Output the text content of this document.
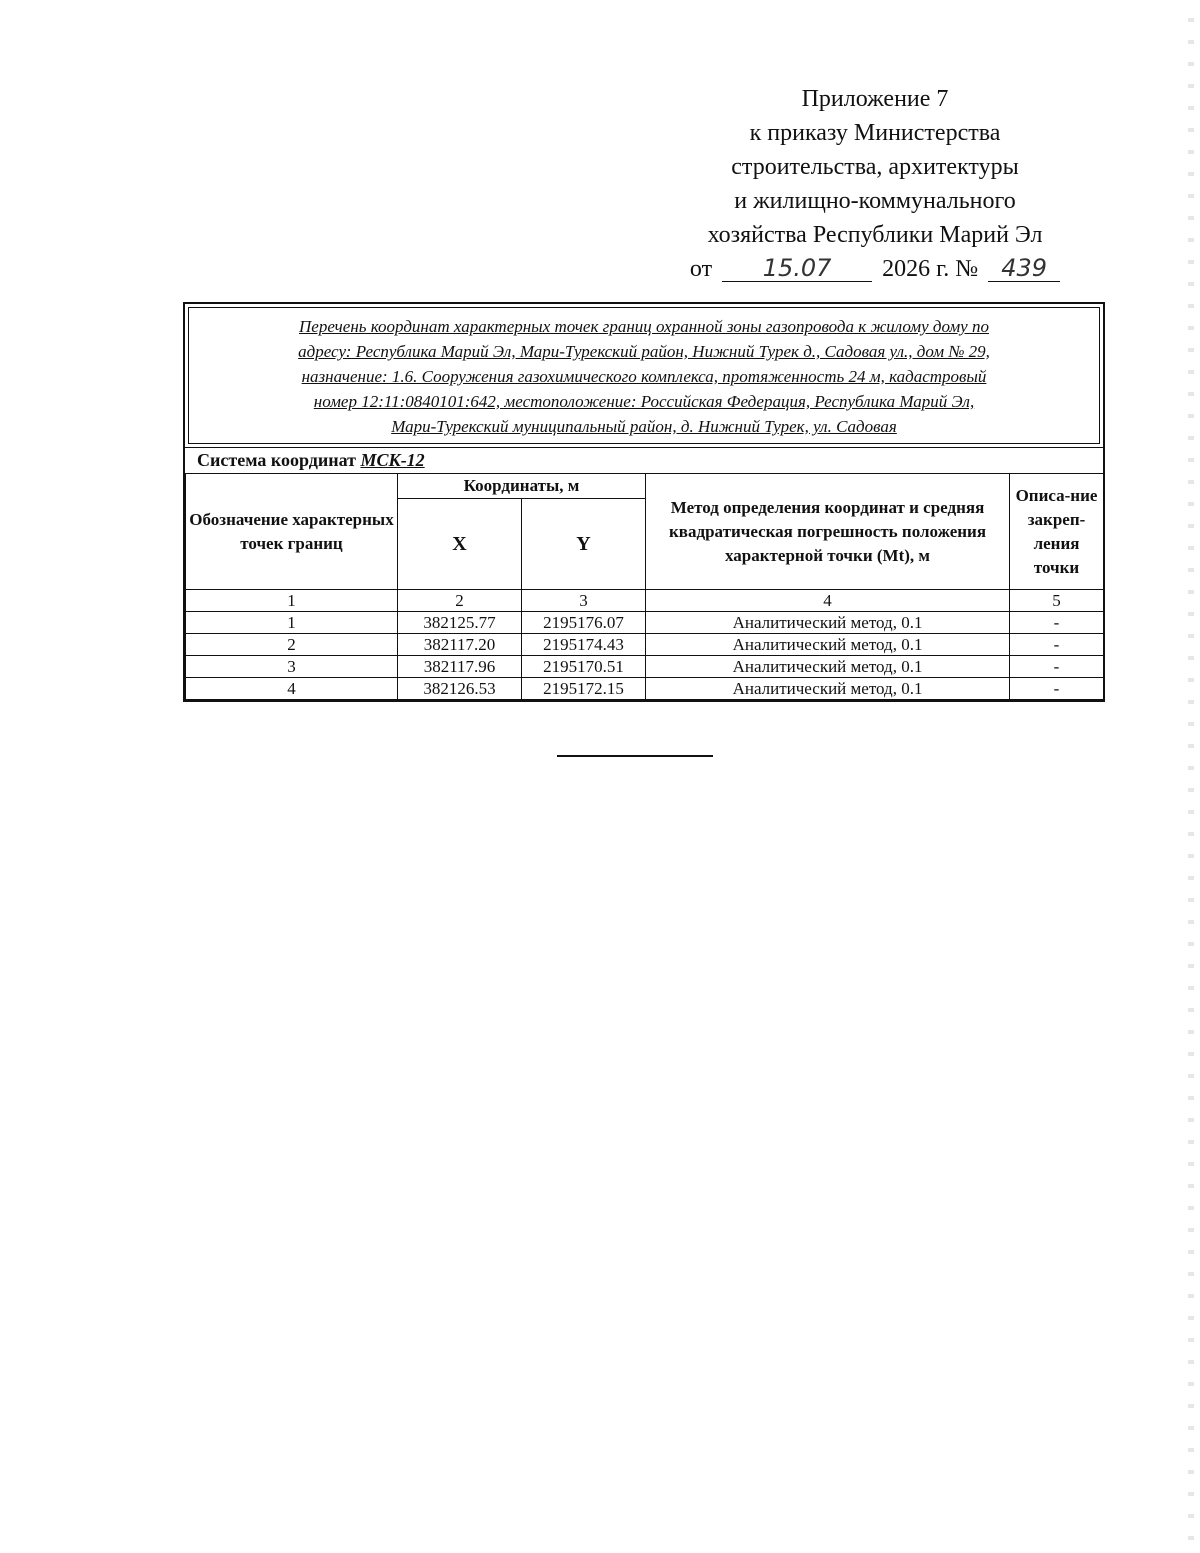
Приложение 7
к приказу Министерства
строительства, архитектуры
и жилищно-коммунального
хозяйства Республики Марий Эл
от 15.07 2026 г. № 439
Перечень координат характерных точек границ охранной зоны газопровода к жилому дому по
адресу: Республика Марий Эл, Мари-Турекский район, Нижний Турек д., Садовая ул., дом № 29,
назначение: 1.6. Сооружения газохимического комплекса, протяженность 24 м, кадастровый
номер 12:11:0840101:642, местоположение: Российская Федерация, Республика Марий Эл,
Мари-Турекский муниципальный район, д. Нижний Турек, ул. Садовая
Система координат МСК-12
Обозначение характерных точек границ	Координаты, м		Метод определения координат и средняя квадратическая погрешность положения характерной точки (Mt), м	Описа-ние закреп-ления точки
	X	Y		
1	2	3	4	5
1	382125.77	2195176.07	Аналитический метод, 0.1	-
2	382117.20	2195174.43	Аналитический метод, 0.1	-
3	382117.96	2195170.51	Аналитический метод, 0.1	-
4	382126.53	2195172.15	Аналитический метод, 0.1	-
